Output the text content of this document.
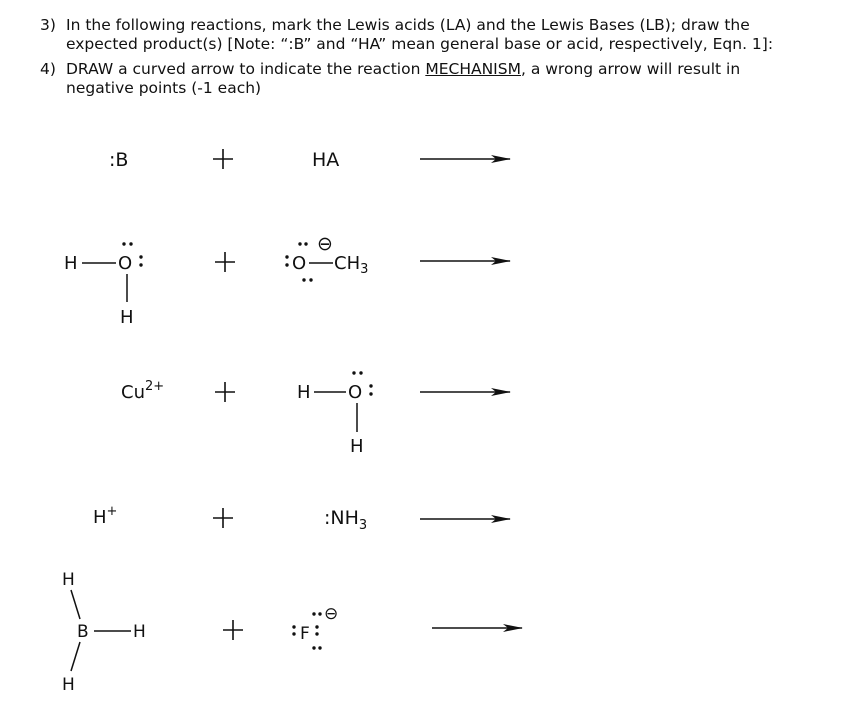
3) In the following reactions, mark the Lewis acids (LA) and the Lewis Bases (LB); draw the
expected product(s) [Note: “:B” and “HA” mean general base or acid, respectively, Eqn. 1]:
4) DRAW a curved arrow to indicate the reaction MECHANISM, a wrong arrow will result in
negative points (-1 each)
:B	HA
H O
H
O
⊖
$CH_3$
$Cu^{2+}$	H O
H
H+	$:NH_3$
H
B	H
H
F
⊖
